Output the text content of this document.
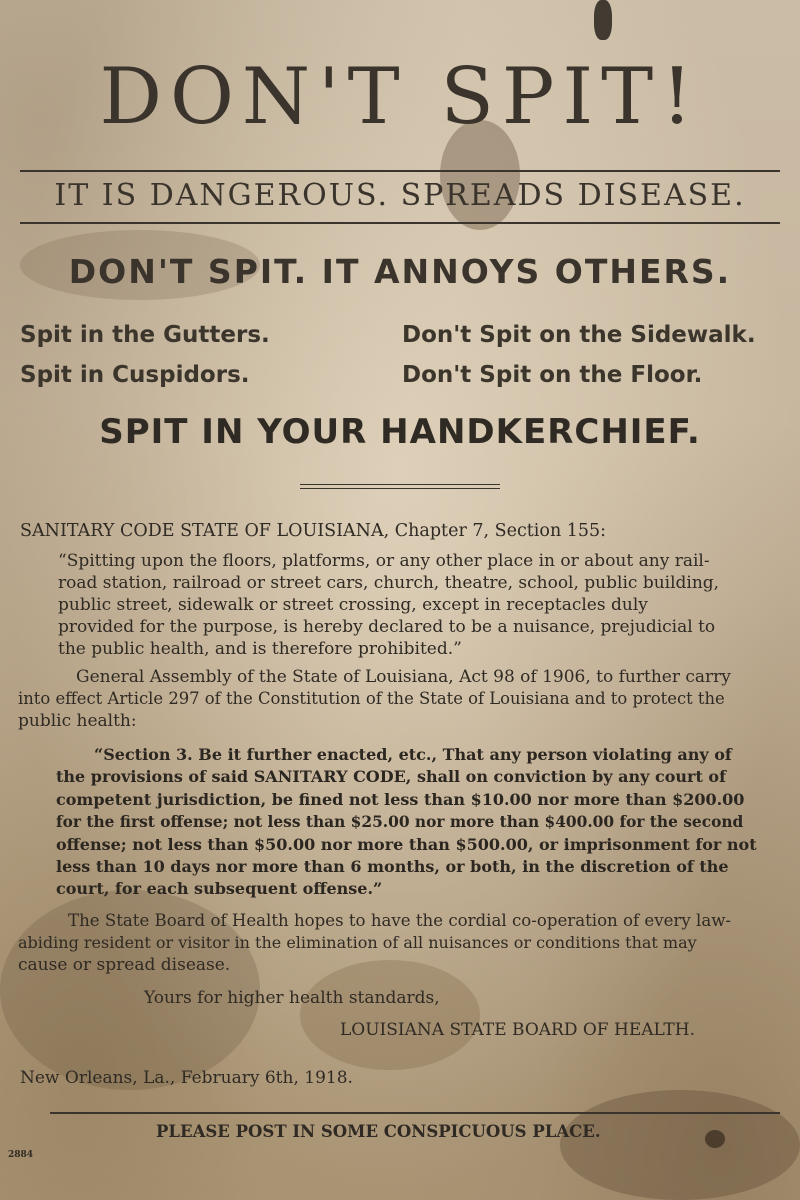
DON'T SPIT!
IT IS DANGEROUS. SPREADS DISEASE.
DON'T SPIT. IT ANNOYS OTHERS.
Spit in the Gutters.	Don't Spit on the Sidewalk.
Spit in Cuspidors.	Don't Spit on the Floor.
SPIT IN YOUR HANDKERCHIEF.
SANITARY CODE STATE OF LOUISIANA, Chapter 7, Section 155:
“Spitting upon the floors, platforms, or any other place in or about any rail-
road station, railroad or street cars, church, theatre, school, public building,
public street, sidewalk or street crossing, except in receptacles duly
provided for the purpose, is hereby declared to be a nuisance, prejudicial to
the public health, and is therefore prohibited.”
General Assembly of the State of Louisiana, Act 98 of 1906, to further carry
into effect Article 297 of the Constitution of the State of Louisiana and to protect the
public health:
“Section 3. Be it further enacted, etc., That any person violating any of
the provisions of said SANITARY CODE, shall on conviction by any court of
competent jurisdiction, be fined not less than $10.00 nor more than $200.00
for the first offense; not less than $25.00 nor more than $400.00 for the second
offense; not less than $50.00 nor more than $500.00, or imprisonment for not
less than 10 days nor more than 6 months, or both, in the discretion of the
court, for each subsequent offense.”
The State Board of Health hopes to have the cordial co-operation of every law-
abiding resident or visitor in the elimination of all nuisances or conditions that may
cause or spread disease.
Yours for higher health standards,
LOUISIANA STATE BOARD OF HEALTH.
New Orleans, La., February 6th, 1918.
PLEASE POST IN SOME CONSPICUOUS PLACE.
2884
